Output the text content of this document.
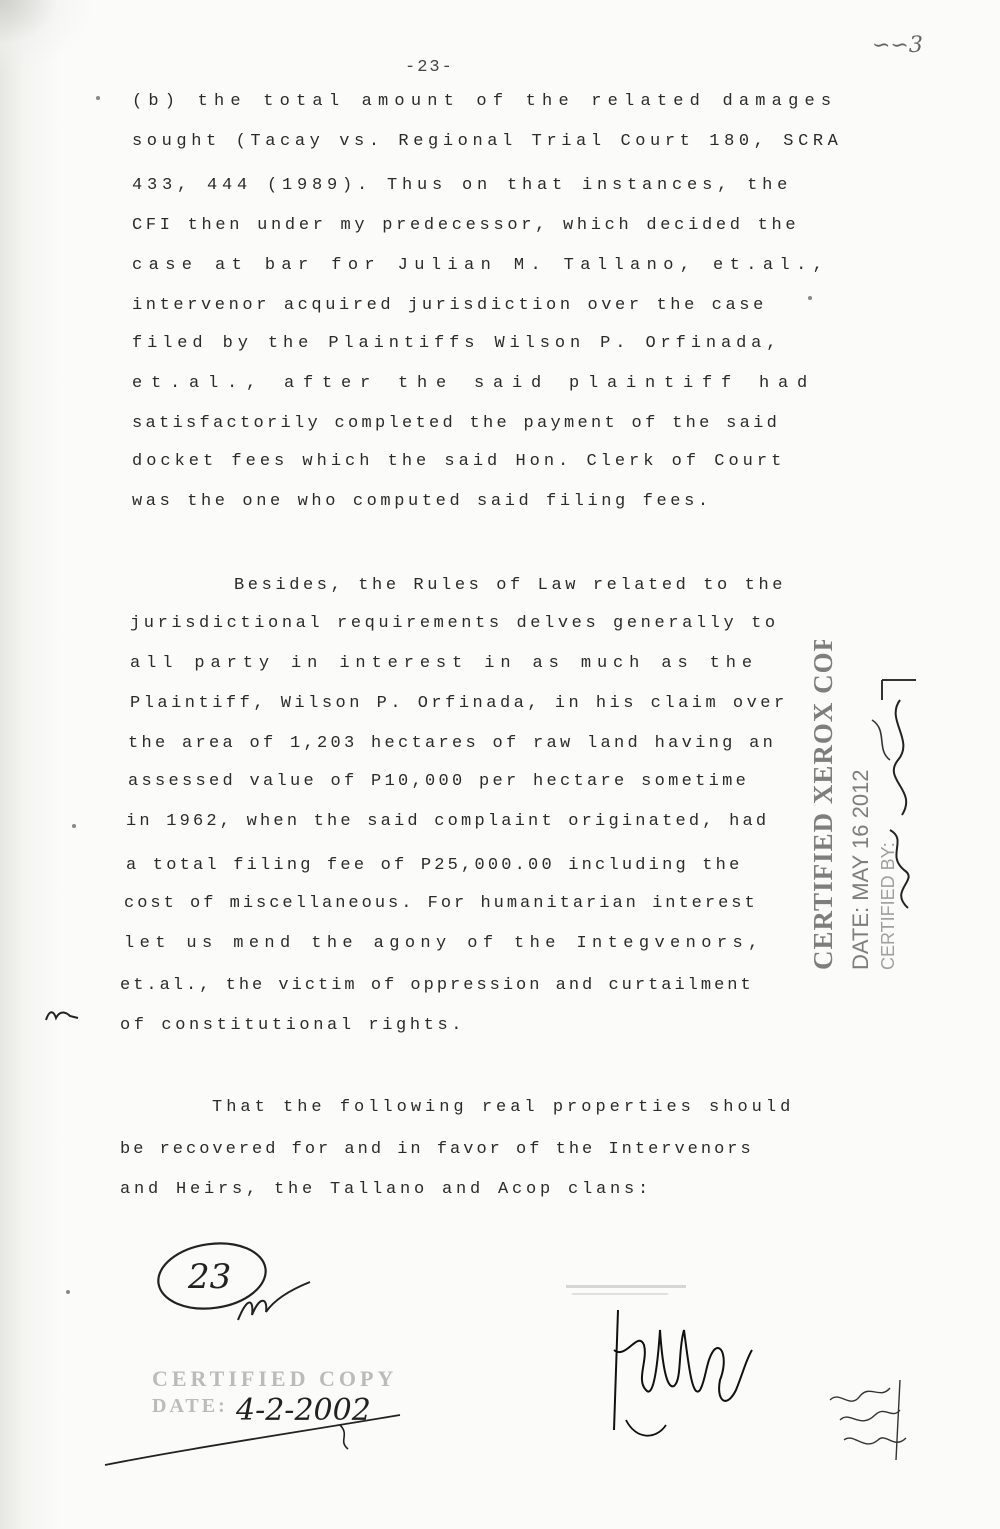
-23-
∽∽3
(b) the total amount of the related damages
sought (Tacay vs. Regional Trial Court 180, SCRA
433, 444 (1989). Thus on that instances, the
CFI then under my predecessor, which decided the
case at bar for Julian M. Tallano, et.al.,
intervenor acquired jurisdiction over the case
filed by the Plaintiffs Wilson P. Orfinada,
et.al., after the said plaintiff had
satisfactorily completed the payment of the said
docket fees which the said Hon. Clerk of Court
was the one who computed said filing fees.
Besides, the Rules of Law related to the
jurisdictional requirements delves generally to
all party in interest in as much as the
Plaintiff, Wilson P. Orfinada, in his claim over
the area of 1,203 hectares of raw land having an
assessed value of P10,000 per hectare sometime
in 1962, when the said complaint originated, had
a total filing fee of P25,000.00 including the
cost of miscellaneous. For humanitarian interest
let us mend the agony of the Integvenors,
et.al., the victim of oppression and curtailment
of constitutional rights.
That the following real properties should
be recovered for and in favor of the Intervenors
and Heirs, the Tallano and Acop clans:
CERTIFIED XEROX COPY DATE: MAY 16 2012 CERTIFIED BY:
23
CERTIFIED COPY
DATE: 4-2-2002
